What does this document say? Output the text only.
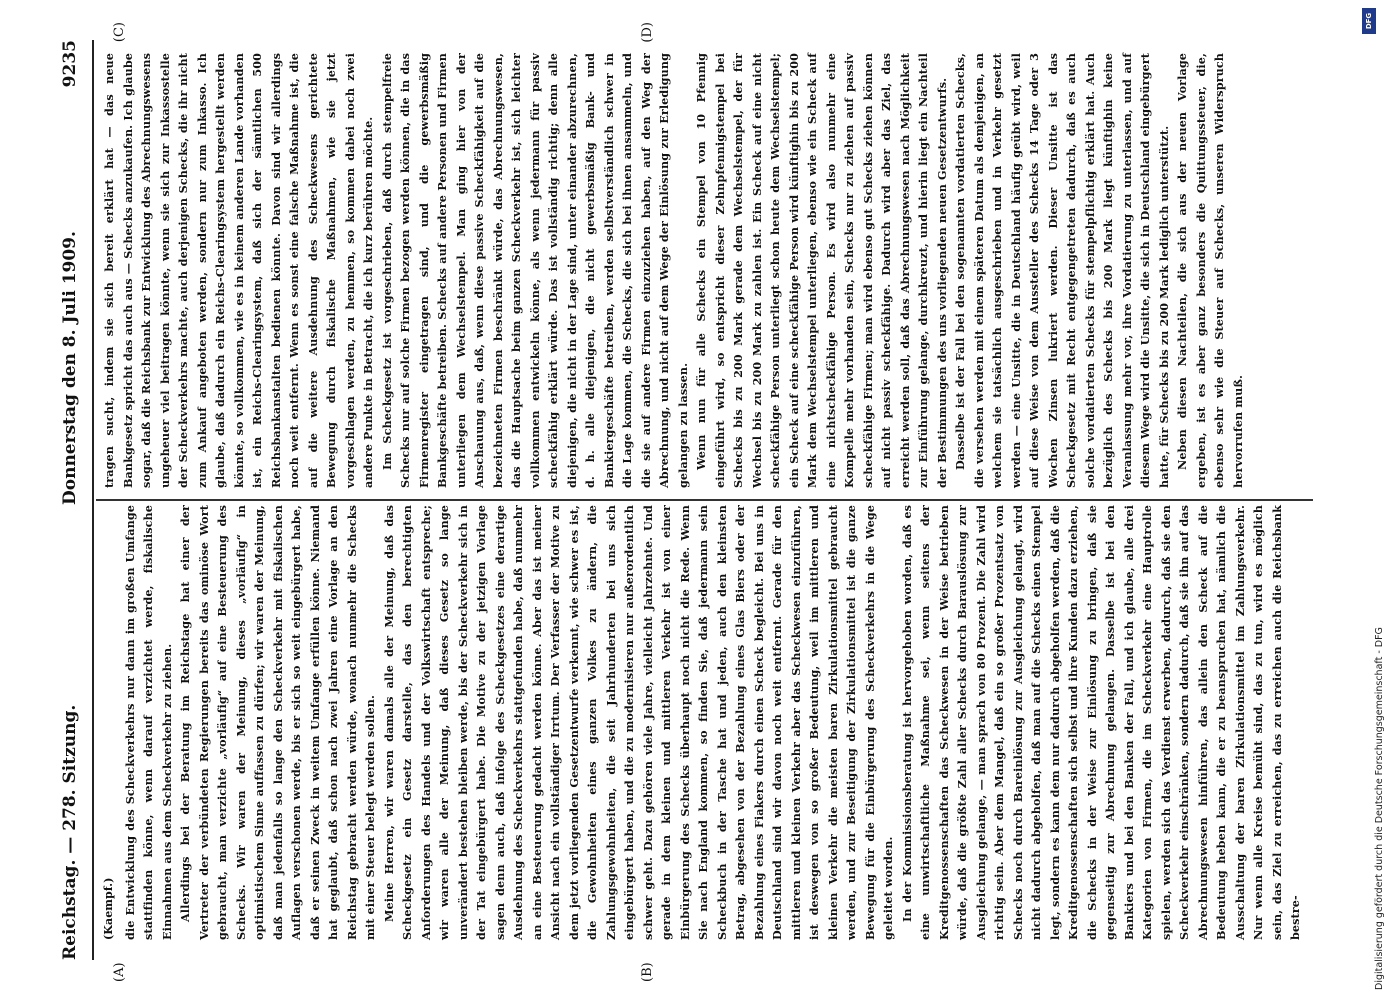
Reichstag. — 278. Sitzung.
Donnerstag den 8. Juli 1909.
9235
(A)	(B)
(C)	(D)
(Kaempf.) die Entwicklung des Scheckverkehrs nur dann im großen Umfange stattfinden könne, wenn darauf verzichtet werde, fiskalische Einnahmen aus dem Scheckverkehr zu ziehen. Allerdings bei der Beratung im Reichstage hat einer der Vertreter der verbündeten Regierungen bereits das ominöse Wort gebraucht, man verzichte „vorläufig“ auf eine Besteuerung des Schecks. Wir waren der Meinung, dieses „vorläufig“ in optimistischem Sinne auffassen zu dürfen; wir waren der Meinung, daß man jedenfalls so lange den Scheckverkehr mit fiskalischen Auflagen verschonen werde, bis er sich so weit eingebürgert habe, daß er seinen Zweck in weitem Umfange erfüllen könne. Niemand hat geglaubt, daß schon nach zwei Jahren eine Vorlage an den Reichstag gebracht werden würde, wonach nunmehr die Schecks mit einer Steuer belegt werden sollen. Meine Herren, wir waren damals alle der Meinung, daß das Scheckgesetz ein Gesetz darstelle, das den berechtigten Anforderungen des Handels und der Volkswirtschaft entspreche; wir waren alle der Meinung, daß dieses Gesetz so lange unverändert bestehen bleiben werde, bis der Scheckverkehr sich in der Tat eingebürgert habe. Die Motive zu der jetzigen Vorlage sagen denn auch, daß infolge des Scheckgesetzes eine derartige Ausdehnung des Scheckverkehrs stattgefunden habe, daß nunmehr an eine Besteuerung gedacht werden könne. Aber das ist meiner Ansicht nach ein vollständiger Irrtum. Der Verfasser der Motive zu dem jetzt vorliegenden Gesetzentwurfe verkennt, wie schwer es ist, die Gewohnheiten eines ganzen Volkes zu ändern, die Zahlungsgewohnheiten, die seit Jahrhunderten bei uns sich eingebürgert haben, und die zu modernisieren nur außerordentlich schwer geht. Dazu gehören viele Jahre, vielleicht Jahrzehnte. Und gerade in dem kleinen und mittleren Verkehr ist von einer Einbürgerung des Schecks überhaupt noch nicht die Rede. Wenn Sie nach England kommen, so finden Sie, daß jedermann sein Scheckbuch in der Tasche hat und jeden, auch den kleinsten Betrag, abgesehen von der Bezahlung eines Glas Biers oder der Bezahlung eines Fiakers durch einen Scheck begleicht. Bei uns in Deutschland sind wir davon noch weit entfernt. Gerade für den mittleren und kleinen Verkehr aber das Scheckwesen einzuführen, ist deswegen von so großer Bedeutung, weil im mittleren und kleinen Verkehr die meisten baren Zirkulationsmittel gebraucht werden, und zur Beseitigung der Zirkulationsmittel ist die ganze Bewegung für die Einbürgerung des Scheckverkehrs in die Wege geleitet worden. In der Kommissionsberatung ist hervorgehoben worden, daß es eine unwirtschaftliche Maßnahme sei, wenn seitens der Kreditgenossenschaften das Scheckwesen in der Weise betrieben würde, daß die größte Zahl aller Schecks durch Barauslösung zur Ausgleichung gelange, — man sprach von 80 Prozent. Die Zahl wird richtig sein. Aber dem Mangel, daß ein so großer Prozentsatz von Schecks noch durch Bareinlösung zur Ausgleichung gelangt, wird nicht dadurch abgeholfen, daß man auf die Schecks einen Stempel legt, sondern es kann dem nur dadurch abgeholfen werden, daß die Kreditgenossenschaften sich selbst und ihre Kunden dazu erziehen, die Schecks in der Weise zur Einlösung zu bringen, daß sie gegenseitig zur Abrechnung gelangen. Dasselbe ist bei den Bankiers und bei den Banken der Fall, und ich glaube, alle drei Kategorien von Firmen, die im Scheckverkehr eine Hauptrolle spielen, werden sich das Verdienst erwerben, dadurch, daß sie den Scheckverkehr einschränken, sondern dadurch, daß sie ihn auf das Abrechnungswesen hinführen, das allein den Scheck auf die Bedeutung heben kann, die er zu beanspruchen hat, nämlich die Ausschaltung der baren Zirkulationsmittel im Zahlungsverkehr. Nur wenn alle Kreise bemüht sind, das zu tun, wird es möglich sein, das Ziel zu erreichen, das zu erreichen auch die Reichsbank bestre-

tragen sucht, indem sie sich bereit erklärt hat — das neue Bankgesetz spricht das auch aus — Schecks anzukaufen. Ich glaube sogar, daß die Reichsbank zur Entwicklung des Abrechnungswesens ungeheuer viel beitragen könnte, wenn sie sich zur Inkassostelle der Scheckverkehrs machte, auch derjenigen Schecks, die ihr nicht zum Ankauf angeboten werden, sondern nur zum Inkasso. Ich glaube, daß dadurch ein Reichs-Clearingsystem hergestellt werden könnte, so vollkommen, wie es in keinem anderen Lande vorhanden ist, ein Reichs-Clearingsystem, daß sich der sämtlichen 500 Reichsbankanstalten bedienen könnte. Davon sind wir allerdings noch weit entfernt. Wenn es sonst eine falsche Maßnahme ist, die auf die weitere Ausdehnung des Scheckwesens gerichtete Bewegung durch fiskalische Maßnahmen, wie sie jetzt vorgeschlagen werden, zu hemmen, so kommen dabei noch zwei andere Punkte in Betracht, die ich kurz berühren möchte. Im Scheckgesetz ist vorgeschrieben, daß durch stempelfreie Schecks nur auf solche Firmen bezogen werden können, die in das Firmenregister eingetragen sind, und die gewerbsmäßig Bankgeschäfte betreiben. Schecks auf andere Personen und Firmen unterliegen dem Wechselstempel. Man ging hier von der Anschauung aus, daß, wenn diese passive Scheckfähigkeit auf die bezeichneten Firmen beschränkt würde, das Abrechnungswesen, das die Hauptsache beim ganzen Scheckverkehr ist, sich leichter vollkommen entwickeln könne, als wenn jedermann für passiv scheckfähig erklärt würde. Das ist vollständig richtig; denn alle diejenigen, die nicht in der Lage sind, unter einander abzurechnen, d. h. alle diejenigen, die nicht gewerbsmäßig Bank- und Bankiergeschäfte betreiben, werden selbstverständlich schwer in die Lage kommen, die Schecks, die sich bei ihnen ansammeln, und die sie auf andere Firmen einzuziehen haben, auf den Weg der Abrechnung, und nicht auf dem Wege der Einlösung zur Erledigung gelangen zu lassen. Wenn nun für alle Schecks ein Stempel von 10 Pfennig eingeführt wird, so entspricht dieser Zehnpfennigstempel bei Schecks bis zu 200 Mark gerade dem Wechselstempel, der für Wechsel bis zu 200 Mark zu zahlen ist. Ein Scheck auf eine nicht scheckfähige Person unterliegt schon heute dem Wechselstempel; ein Scheck auf eine scheckfähige Person wird künftighin bis zu 200 Mark dem Wechselstempel unterliegen, ebenso wie ein Scheck auf eine nichtscheckfähige Person. Es wird also nunmehr eine Kompelle mehr vorhanden sein, Schecks nur zu ziehen auf passiv scheckfähige Firmen; man wird ebenso gut Schecks ziehen können auf nicht passiv scheckfähige. Dadurch wird aber das Ziel, das erreicht werden soll, daß das Abrechnungswesen nach Möglichkeit zur Einführung gelange, durchkreuzt, und hierin liegt ein Nachteil der Bestimmungen des uns vorliegenden neuen Gesetzentwurfs. Dasselbe ist der Fall bei den sogenannten vordatierten Schecks, die versehen werden mit einem späteren Datum als demjenigen, an welchem sie tatsächlich ausgeschrieben und in Verkehr gesetzt werden — eine Unsitte, die in Deutschland häufig geübt wird, weil auf diese Weise von dem Aussteller des Schecks 14 Tage oder 3 Wochen Zinsen lukriert werden. Dieser Unsitte ist das Scheckgesetz mit Recht entgegengetreten dadurch, daß es auch solche vordatierten Schecks für stempelpflichtig erklärt hat. Auch bezüglich des Schecks bis 200 Mark liegt künftighin keine Veranlassung mehr vor, ihre Vordatierung zu unterlassen, und auf diesem Wege wird die Unsitte, die sich in Deutschland eingebürgert hatte, für Schecks bis zu 200 Mark lediglich unterstützt. Neben diesen Nachteilen, die sich aus der neuen Vorlage ergeben, ist es aber ganz besonders die Quittungssteuer, die, ebenso sehr wie die Steuer auf Schecks, unseren Widerspruch hervorrufen muß.

Digitalisierung gefördert durch die Deutsche Forschungsgemeinschaft - DFG
DFG
